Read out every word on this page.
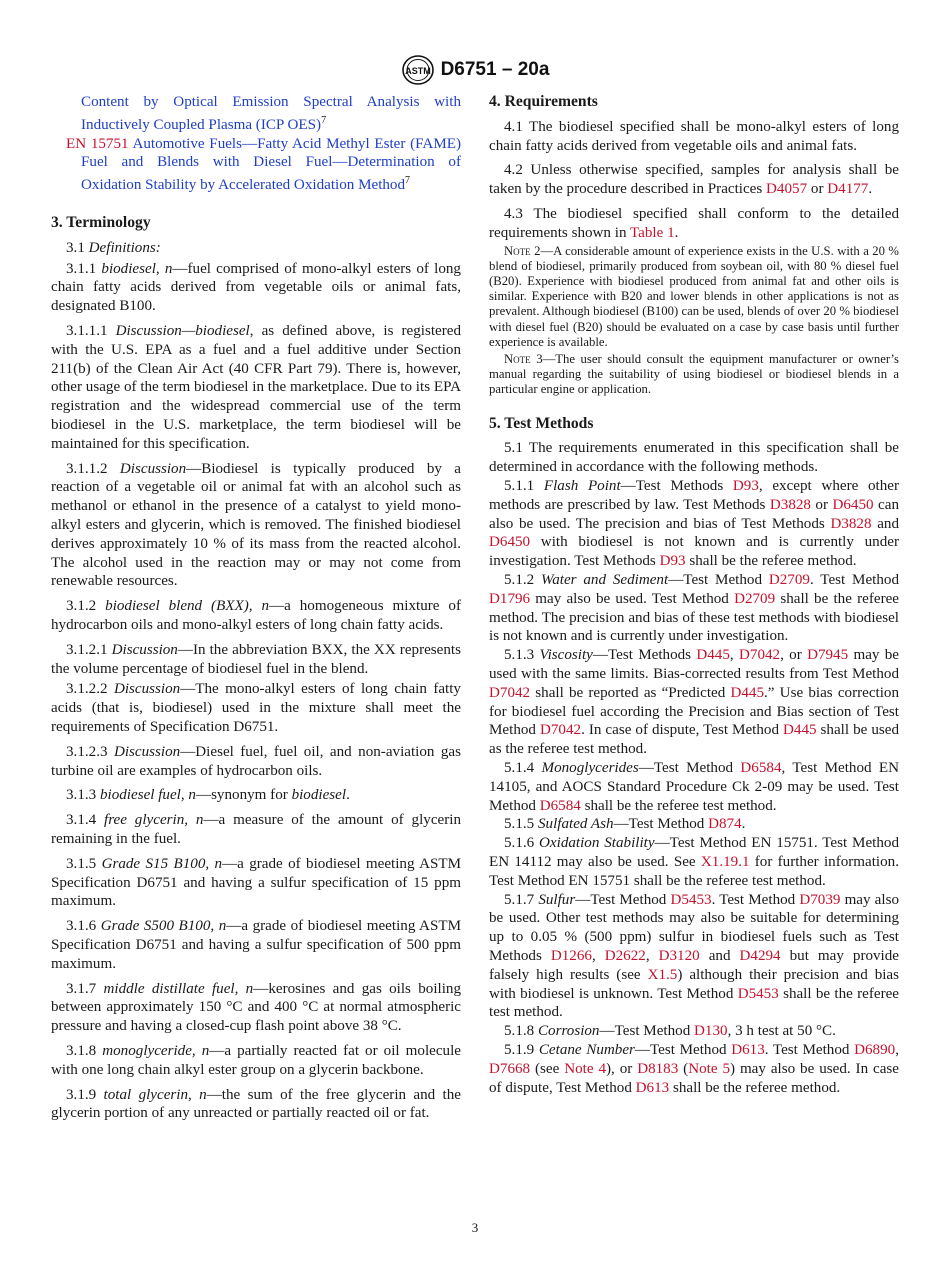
ASTM D6751 – 20a

Content by Optical Emission Spectral Analysis with Inductively Coupled Plasma (ICP OES)$^7$

EN 15751 Automotive Fuels—Fatty Acid Methyl Ester (FAME) Fuel and Blends with Diesel Fuel—Determination of Oxidation Stability by Accelerated Oxidation Method$^7$

3. Terminology

3.1 Definitions:

3.1.1 biodiesel, n—fuel comprised of mono-alkyl esters of long chain fatty acids derived from vegetable oils or animal fats, designated B100.

3.1.1.1 Discussion—biodiesel, as defined above, is registered with the U.S. EPA as a fuel and a fuel additive under Section 211(b) of the Clean Air Act (40 CFR Part 79). There is, however, other usage of the term biodiesel in the marketplace. Due to its EPA registration and the widespread commercial use of the term biodiesel in the U.S. marketplace, the term biodiesel will be maintained for this specification.

3.1.1.2 Discussion—Biodiesel is typically produced by a reaction of a vegetable oil or animal fat with an alcohol such as methanol or ethanol in the presence of a catalyst to yield mono-alkyl esters and glycerin, which is removed. The finished biodiesel derives approximately 10 % of its mass from the reacted alcohol. The alcohol used in the reaction may or may not come from renewable resources.

3.1.2 biodiesel blend (BXX), n—a homogeneous mixture of hydrocarbon oils and mono-alkyl esters of long chain fatty acids.

3.1.2.1 Discussion—In the abbreviation BXX, the XX represents the volume percentage of biodiesel fuel in the blend.

3.1.2.2 Discussion—The mono-alkyl esters of long chain fatty acids (that is, biodiesel) used in the mixture shall meet the requirements of Specification D6751.

3.1.2.3 Discussion—Diesel fuel, fuel oil, and non-aviation gas turbine oil are examples of hydrocarbon oils.

3.1.3 biodiesel fuel, n—synonym for biodiesel.

3.1.4 free glycerin, n—a measure of the amount of glycerin remaining in the fuel.

3.1.5 Grade S15 B100, n—a grade of biodiesel meeting ASTM Specification D6751 and having a sulfur specification of 15 ppm maximum.

3.1.6 Grade S500 B100, n—a grade of biodiesel meeting ASTM Specification D6751 and having a sulfur specification of 500 ppm maximum.

3.1.7 middle distillate fuel, n—kerosines and gas oils boiling between approximately 150 °C and 400 °C at normal atmospheric pressure and having a closed-cup flash point above 38 °C.

3.1.8 monoglyceride, n—a partially reacted fat or oil molecule with one long chain alkyl ester group on a glycerin backbone.

3.1.9 total glycerin, n—the sum of the free glycerin and the glycerin portion of any unreacted or partially reacted oil or fat.

4. Requirements

4.1 The biodiesel specified shall be mono-alkyl esters of long chain fatty acids derived from vegetable oils and animal fats.

4.2 Unless otherwise specified, samples for analysis shall be taken by the procedure described in Practices D4057 or D4177.

4.3 The biodiesel specified shall conform to the detailed requirements shown in Table 1.

Note 2—A considerable amount of experience exists in the U.S. with a 20 % blend of biodiesel, primarily produced from soybean oil, with 80 % diesel fuel (B20). Experience with biodiesel produced from animal fat and other oils is similar. Experience with B20 and lower blends in other applications is not as prevalent. Although biodiesel (B100) can be used, blends of over 20 % biodiesel with diesel fuel (B20) should be evaluated on a case by case basis until further experience is available.

Note 3—The user should consult the equipment manufacturer or owner’s manual regarding the suitability of using biodiesel or biodiesel blends in a particular engine or application.

5. Test Methods

5.1 The requirements enumerated in this specification shall be determined in accordance with the following methods.

5.1.1 Flash Point—Test Methods D93, except where other methods are prescribed by law. Test Methods D3828 or D6450 can also be used. The precision and bias of Test Methods D3828 and D6450 with biodiesel is not known and is currently under investigation. Test Methods D93 shall be the referee method.

5.1.2 Water and Sediment—Test Method D2709. Test Method D1796 may also be used. Test Method D2709 shall be the referee method. The precision and bias of these test methods with biodiesel is not known and is currently under investigation.

5.1.3 Viscosity—Test Methods D445, D7042, or D7945 may be used with the same limits. Bias-corrected results from Test Method D7042 shall be reported as “Predicted D445.” Use bias correction for biodiesel fuel according the Precision and Bias section of Test Method D7042. In case of dispute, Test Method D445 shall be used as the referee test method.

5.1.4 Monoglycerides—Test Method D6584, Test Method EN 14105, and AOCS Standard Procedure Ck 2-09 may be used. Test Method D6584 shall be the referee test method.

5.1.5 Sulfated Ash—Test Method D874.

5.1.6 Oxidation Stability—Test Method EN 15751. Test Method EN 14112 may also be used. See X1.19.1 for further information. Test Method EN 15751 shall be the referee test method.

5.1.7 Sulfur—Test Method D5453. Test Method D7039 may also be used. Other test methods may also be suitable for determining up to 0.05 % (500 ppm) sulfur in biodiesel fuels such as Test Methods D1266, D2622, D3120 and D4294 but may provide falsely high results (see X1.5) although their precision and bias with biodiesel is unknown. Test Method D5453 shall be the referee test method.

5.1.8 Corrosion—Test Method D130, 3 h test at 50 °C.

5.1.9 Cetane Number—Test Method D613. Test Method D6890, D7668 (see Note 4), or D8183 (Note 5) may also be used. In case of dispute, Test Method D613 shall be the referee method.

3
